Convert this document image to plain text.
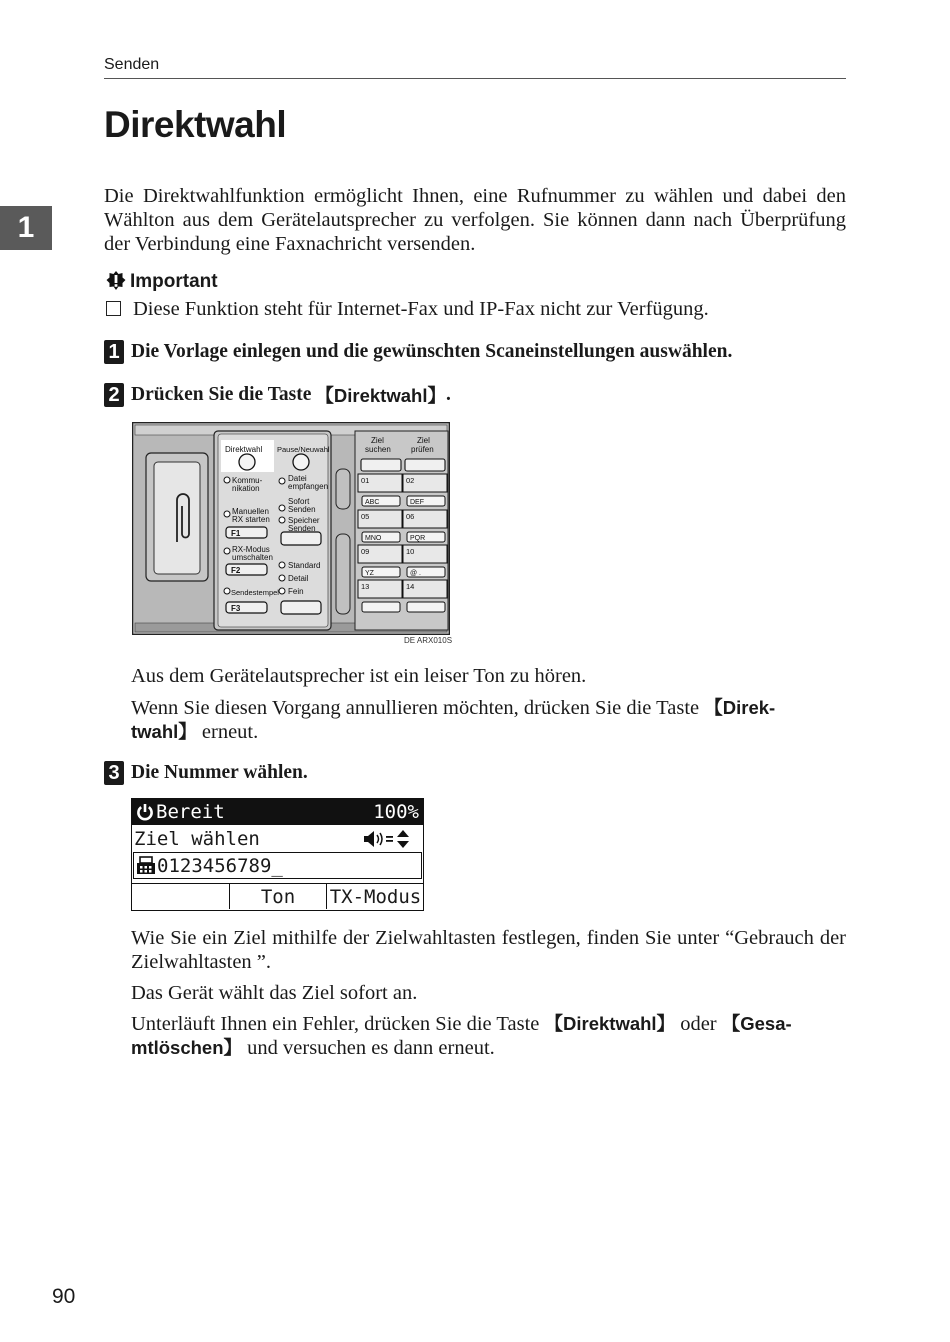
Senden
Direktwahl
1
Die Direktwahlfunktion ermöglicht Ihnen, eine Rufnummer zu wählen und dabei den Wählton aus dem Gerätelautsprecher zu verfolgen. Sie können dann nach Überprüfung der Verbindung eine Faxnachricht versenden.
Important
Diese Funktion steht für Internet-Fax und IP-Fax nicht zur Verfügung.
1 Die Vorlage einlegen und die gewünschten Scaneinstellungen auswählen.
2 Drücken Sie die Taste 【Direktwahl】 .
Direktwahl Pause/Neuwahl
Kommu-
nikation
Datei
empfangen
Sofort
Senden
Manuellen
RX starten Speicher
Senden
F1
RX-Modus
umschalten
F2
Standard
Detail
Fein
Sendestempel
F3
Ziel
suchen
Ziel
prüfen
01
ABC
02
DEF
05
MNO
06
PQR
09
YZ
10
@ .
13	14
DE ARX010S
Aus dem Gerätelautsprecher ist ein leiser Ton zu hören.
Wenn Sie diesen Vorgang annullieren möchten, drücken Sie die Taste 【Direk-
twahl】 erneut.
3 Die Nummer wählen.
Bereit	100%
Ziel wählen
0123456789_
Ton	TX-Modus
Wie Sie ein Ziel mithilfe der Zielwahltasten festlegen, finden Sie unter “Gebrauch der Zielwahltasten ”.
Das Gerät wählt das Ziel sofort an.
Unterläuft Ihnen ein Fehler, drücken Sie die Taste 【Direktwahl】 oder 【Gesa-
mtlöschen】 und versuchen es dann erneut.
90
